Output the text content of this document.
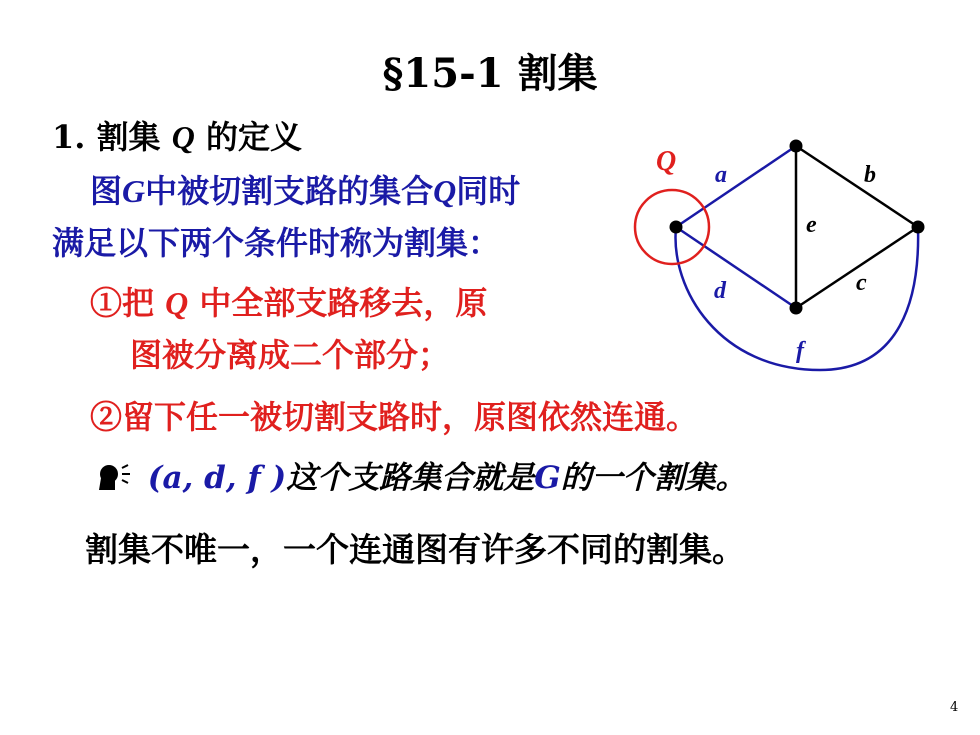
§15-1 割集
1. 割集 Q 的定义
图G中被切割支路的集合Q同时
满足以下两个条件时称为割集：
①把 Q 中全部支路移去，原
图被分离成二个部分；
②留下任一被切割支路时，原图依然连通。
(a, d, f )这个支路集合就是G的一个割集。
割集不唯一，一个连通图有许多不同的割集。
4
Q a	b
e
d	c
f
